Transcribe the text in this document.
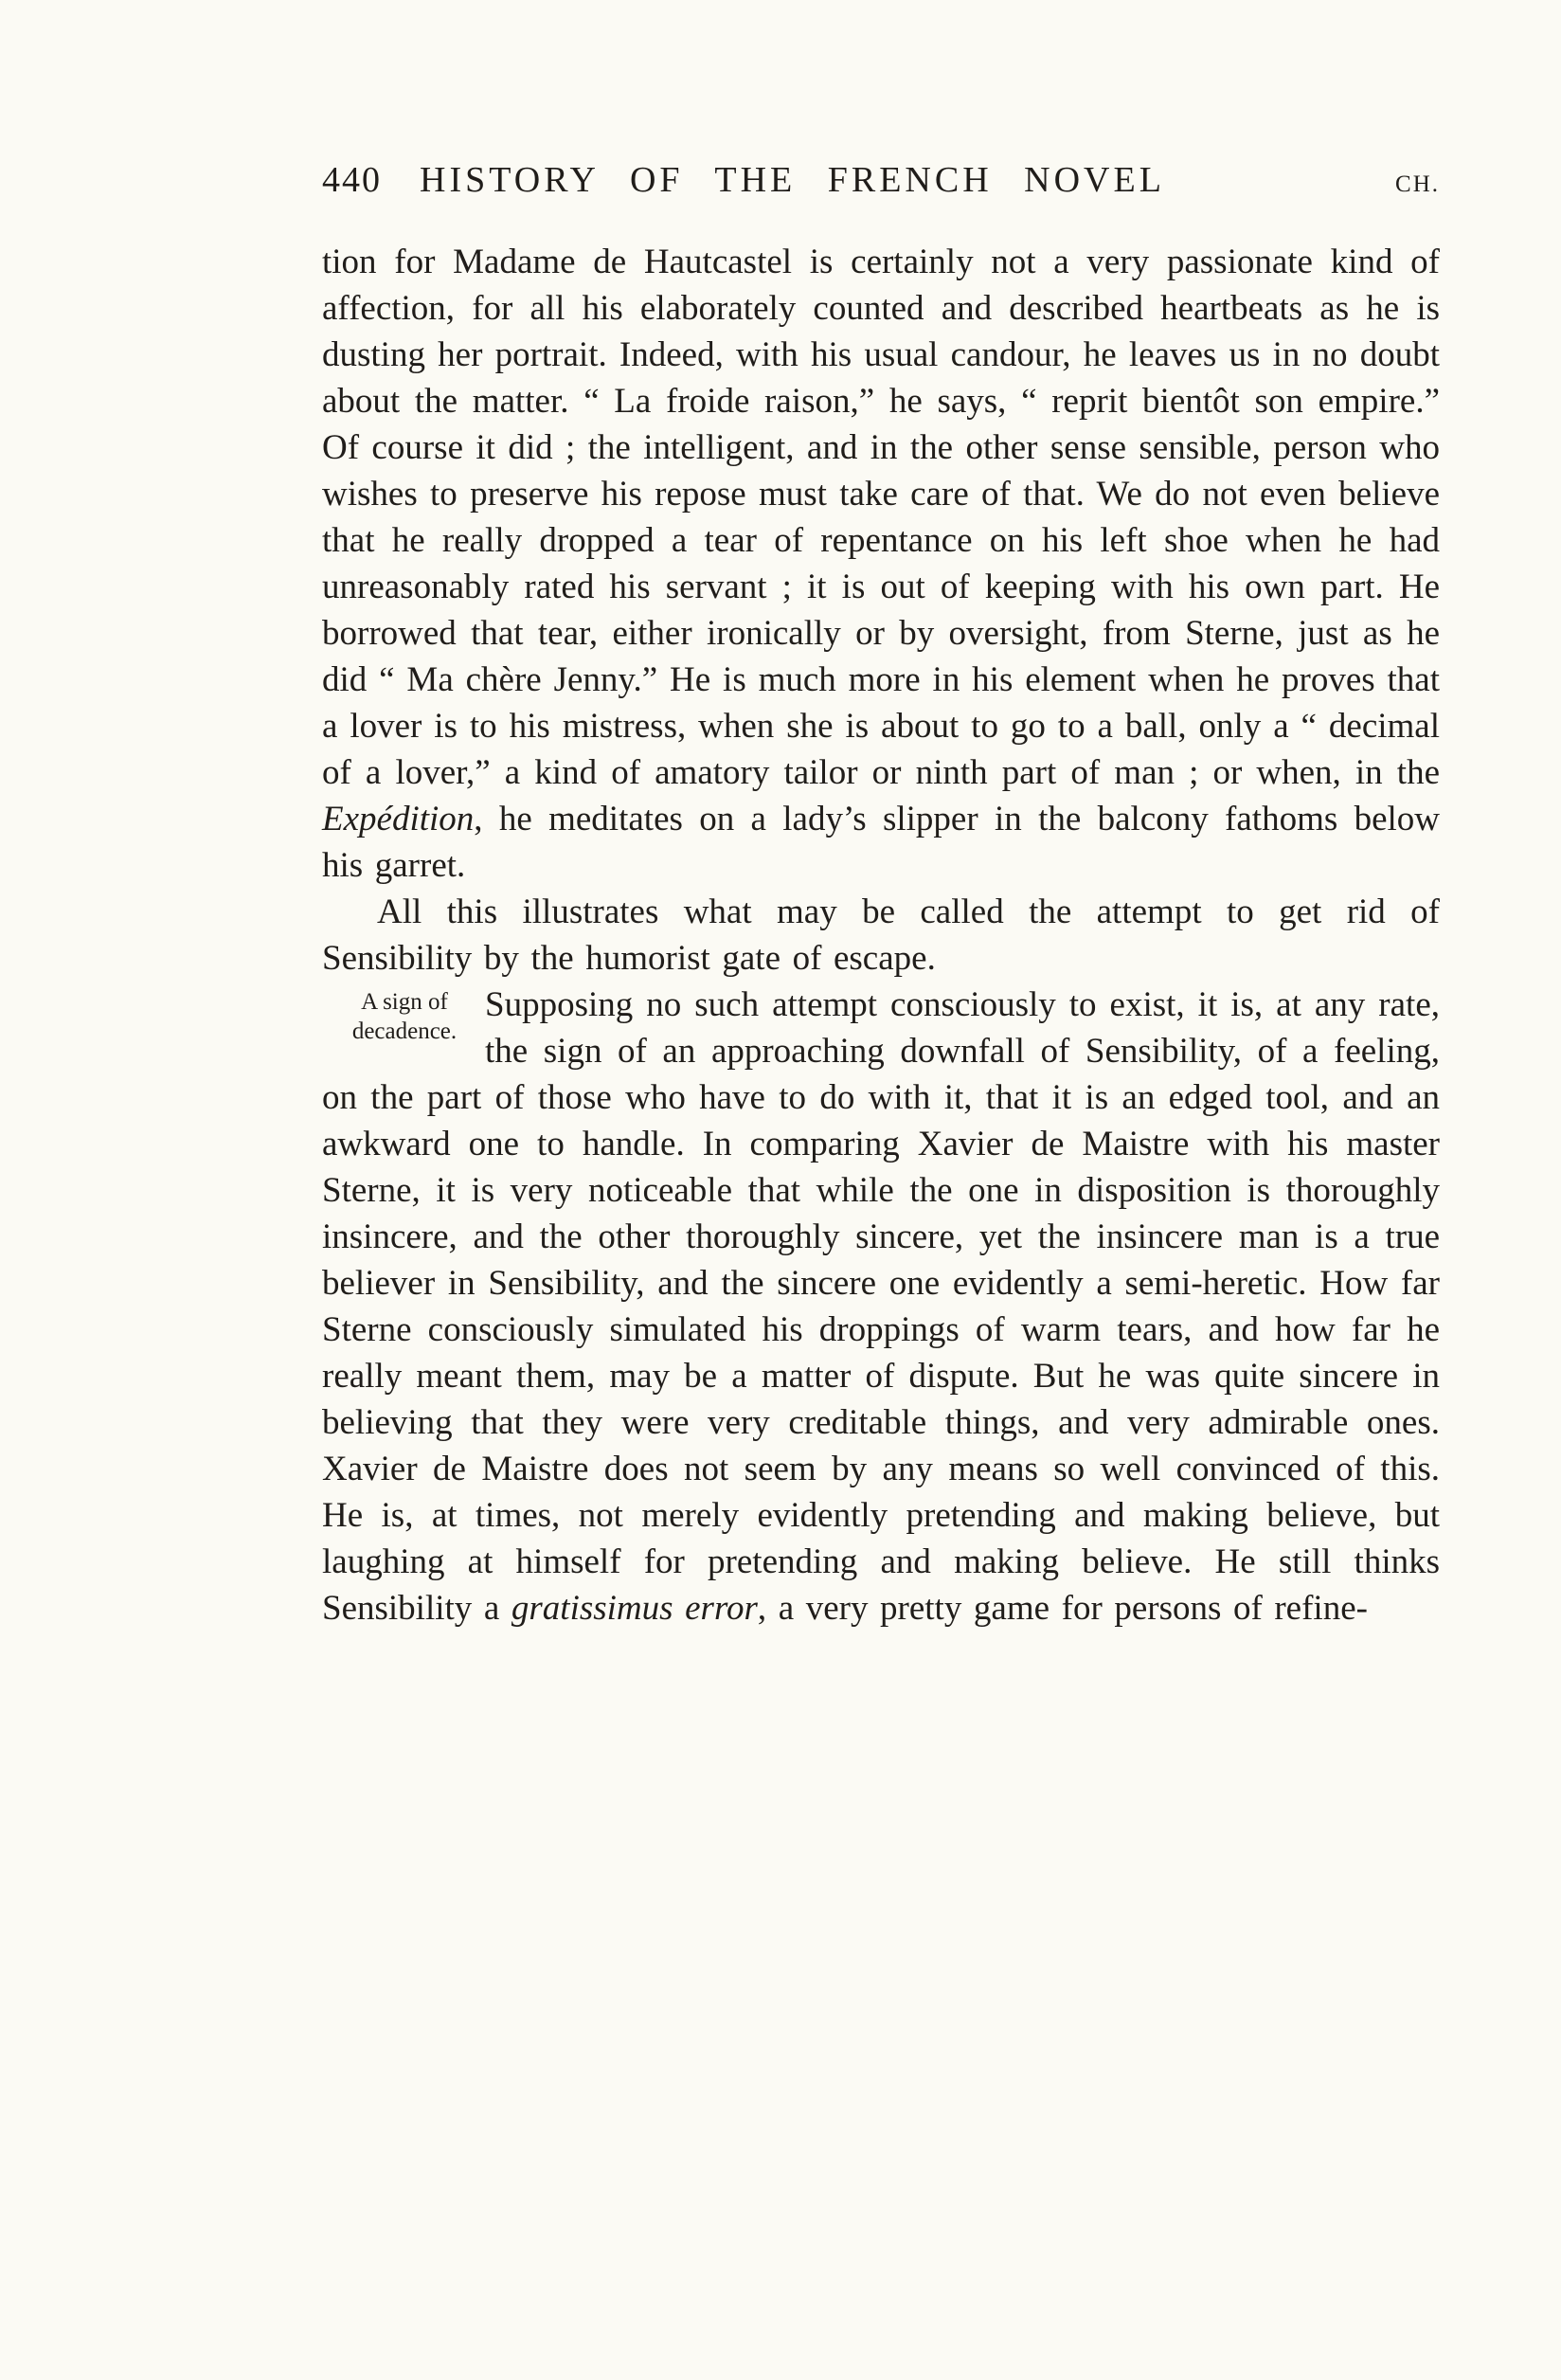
440 HISTORY OF THE FRENCH NOVEL	CH.

tion for Madame de Hautcastel is certainly not a very passionate kind of affection, for all his elaborately counted and described heartbeats as he is dusting her portrait. Indeed, with his usual candour, he leaves us in no doubt about the matter. “ La froide raison,” he says, “ reprit bientôt son empire.” Of course it did ; the intelligent, and in the other sense sensible, person who wishes to preserve his repose must take care of that. We do not even believe that he really dropped a tear of repentance on his left shoe when he had unreasonably rated his servant ; it is out of keeping with his own part. He borrowed that tear, either ironically or by oversight, from Sterne, just as he did “ Ma chère Jenny.” He is much more in his element when he proves that a lover is to his mistress, when she is about to go to a ball, only a “ decimal of a lover,” a kind of amatory tailor or ninth part of man ; or when, in the Expédition, he meditates on a lady’s slipper in the balcony fathoms below his garret.

All this illustrates what may be called the attempt to get rid of Sensibility by the humorist gate of escape.

A sign of decadence.
Supposing no such attempt consciously to exist, it is, at any rate, the sign of an approaching downfall of Sensibility, of a feeling, on the part of those who have to do with it, that it is an edged tool, and an awkward one to handle. In comparing Xavier de Maistre with his master Sterne, it is very noticeable that while the one in disposition is thoroughly insincere, and the other thoroughly sincere, yet the insincere man is a true believer in Sensibility, and the sincere one evidently a semi-heretic. How far Sterne consciously simulated his droppings of warm tears, and how far he really meant them, may be a matter of dispute. But he was quite sincere in believing that they were very creditable things, and very admirable ones. Xavier de Maistre does not seem by any means so well convinced of this. He is, at times, not merely evidently pretending and making believe, but laughing at himself for pretending and making believe. He still thinks Sensibility a gratissimus error, a very pretty game for persons of refine-
